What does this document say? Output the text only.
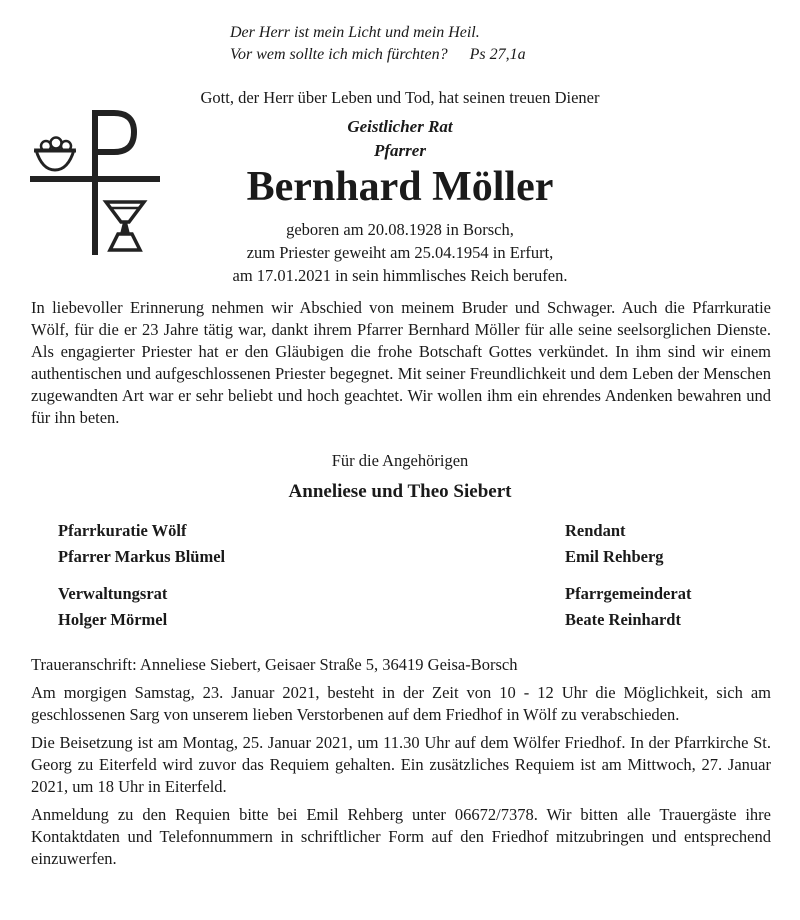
Der Herr ist mein Licht und mein Heil.
Vor wem sollte ich mich fürchten? Ps 27,1a
Gott, der Herr über Leben und Tod, hat seinen treuen Diener
Geistlicher Rat
Pfarrer
Bernhard Möller
geboren am 20.08.1928 in Borsch,
zum Priester geweiht am 25.04.1954 in Erfurt,
am 17.01.2021 in sein himmlisches Reich berufen.

In liebevoller Erinnerung nehmen wir Abschied von meinem Bruder und Schwager. Auch die Pfarrkuratie Wölf, für die er 23 Jahre tätig war, dankt ihrem Pfarrer Bernhard Möller für alle seine seelsorglichen Dienste. Als engagierter Priester hat er den Gläubigen die frohe Botschaft Gottes verkündet. In ihm sind wir einem authentischen und aufgeschlossenen Priester begegnet. Mit seiner Freundlichkeit und dem Leben der Menschen zugewandten Art war er sehr beliebt und hoch geachtet. Wir wollen ihm ein ehrendes Andenken bewahren und für ihn beten.

Für die Angehörigen
Anneliese und Theo Siebert
Pfarrkuratie Wölf
Pfarrer Markus Blümel
Rendant
Emil Rehberg
Verwaltungsrat
Holger Mörmel
Pfarrgemeinderat
Beate Reinhardt

Traueranschrift: Anneliese Siebert, Geisaer Straße 5, 36419 Geisa-Borsch

Am morgigen Samstag, 23. Januar 2021, besteht in der Zeit von 10 - 12 Uhr die Möglichkeit, sich am geschlossenen Sarg von unserem lieben Verstorbenen auf dem Friedhof in Wölf zu verabschieden.

Die Beisetzung ist am Montag, 25. Januar 2021, um 11.30 Uhr auf dem Wölfer Friedhof. In der Pfarrkirche St. Georg zu Eiterfeld wird zuvor das Requiem gehalten. Ein zusätzliches Requiem ist am Mittwoch, 27. Januar 2021, um 18 Uhr in Eiterfeld.

Anmeldung zu den Requien bitte bei Emil Rehberg unter 06672/7378. Wir bitten alle Trauergäste ihre Kontaktdaten und Telefonnummern in schriftlicher Form auf den Friedhof mitzubringen und entsprechend einzuwerfen.
